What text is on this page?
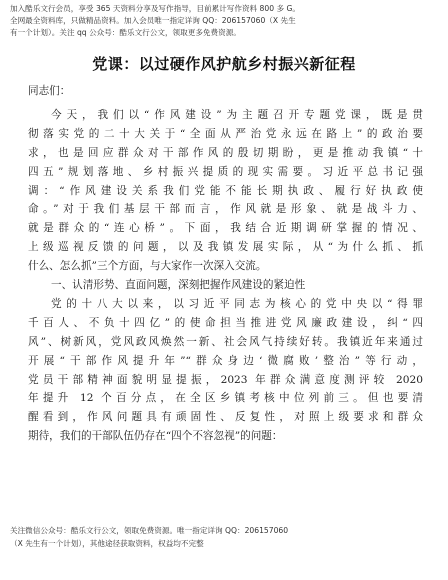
加入酷乐文行会员，享受 365 天资料分享及写作指导，目前累计写作资料 800 多 G。
全网最全资料库，只做精品资料。加入会员唯一指定详询 QQ：206157060（X 先生
有一个计划）。关注 qq 公众号：酷乐文行公文，领取更多免费资源。
党课：以过硬作风护航乡村振兴新征程
同志们：
今天，我们以“作风建设”为主题召开专题党课，既是贯
彻落实党的二十大关于“全面从严治党永远在路上”的政治要
求，也是回应群众对干部作风的殷切期盼，更是推动我镇“十
四五”规划落地、乡村振兴提质的现实需要。习近平总书记强
调：“作风建设关系我们党能不能长期执政、履行好执政使
命。”对于我们基层干部而言，作风就是形象、就是战斗力、
就是群众的“连心桥”。下面，我结合近期调研掌握的情况、
上级巡视反馈的问题，以及我镇发展实际，从“为什么抓、抓
什么、怎么抓”三个方面，与大家作一次深入交流。
一、认清形势、直面问题，深刻把握作风建设的紧迫性
党的十八大以来，以习近平同志为核心的党中央以“得罪
千百人、不负十四亿”的使命担当推进党风廉政建设，纠“四
风”、树新风，党风政风焕然一新、社会风气持续好转。我镇近年来通过
开展“干部作风提升年”“群众身边‘微腐败’整治”等行动，
党员干部精神面貌明显提振，2023 年群众满意度测评较 2020
年提升 12 个百分点，在全区乡镇考核中位列前三。但也要清
醒看到，作风问题具有顽固性、反复性，对照上级要求和群众
期待，我们的干部队伍仍存在“四个不容忽视”的问题：
关注微信公众号：酷乐文行公文，领取免费资源。唯一指定详询 QQ：206157060
（X 先生有一个计划），其他途径获取资料，权益均不完整
